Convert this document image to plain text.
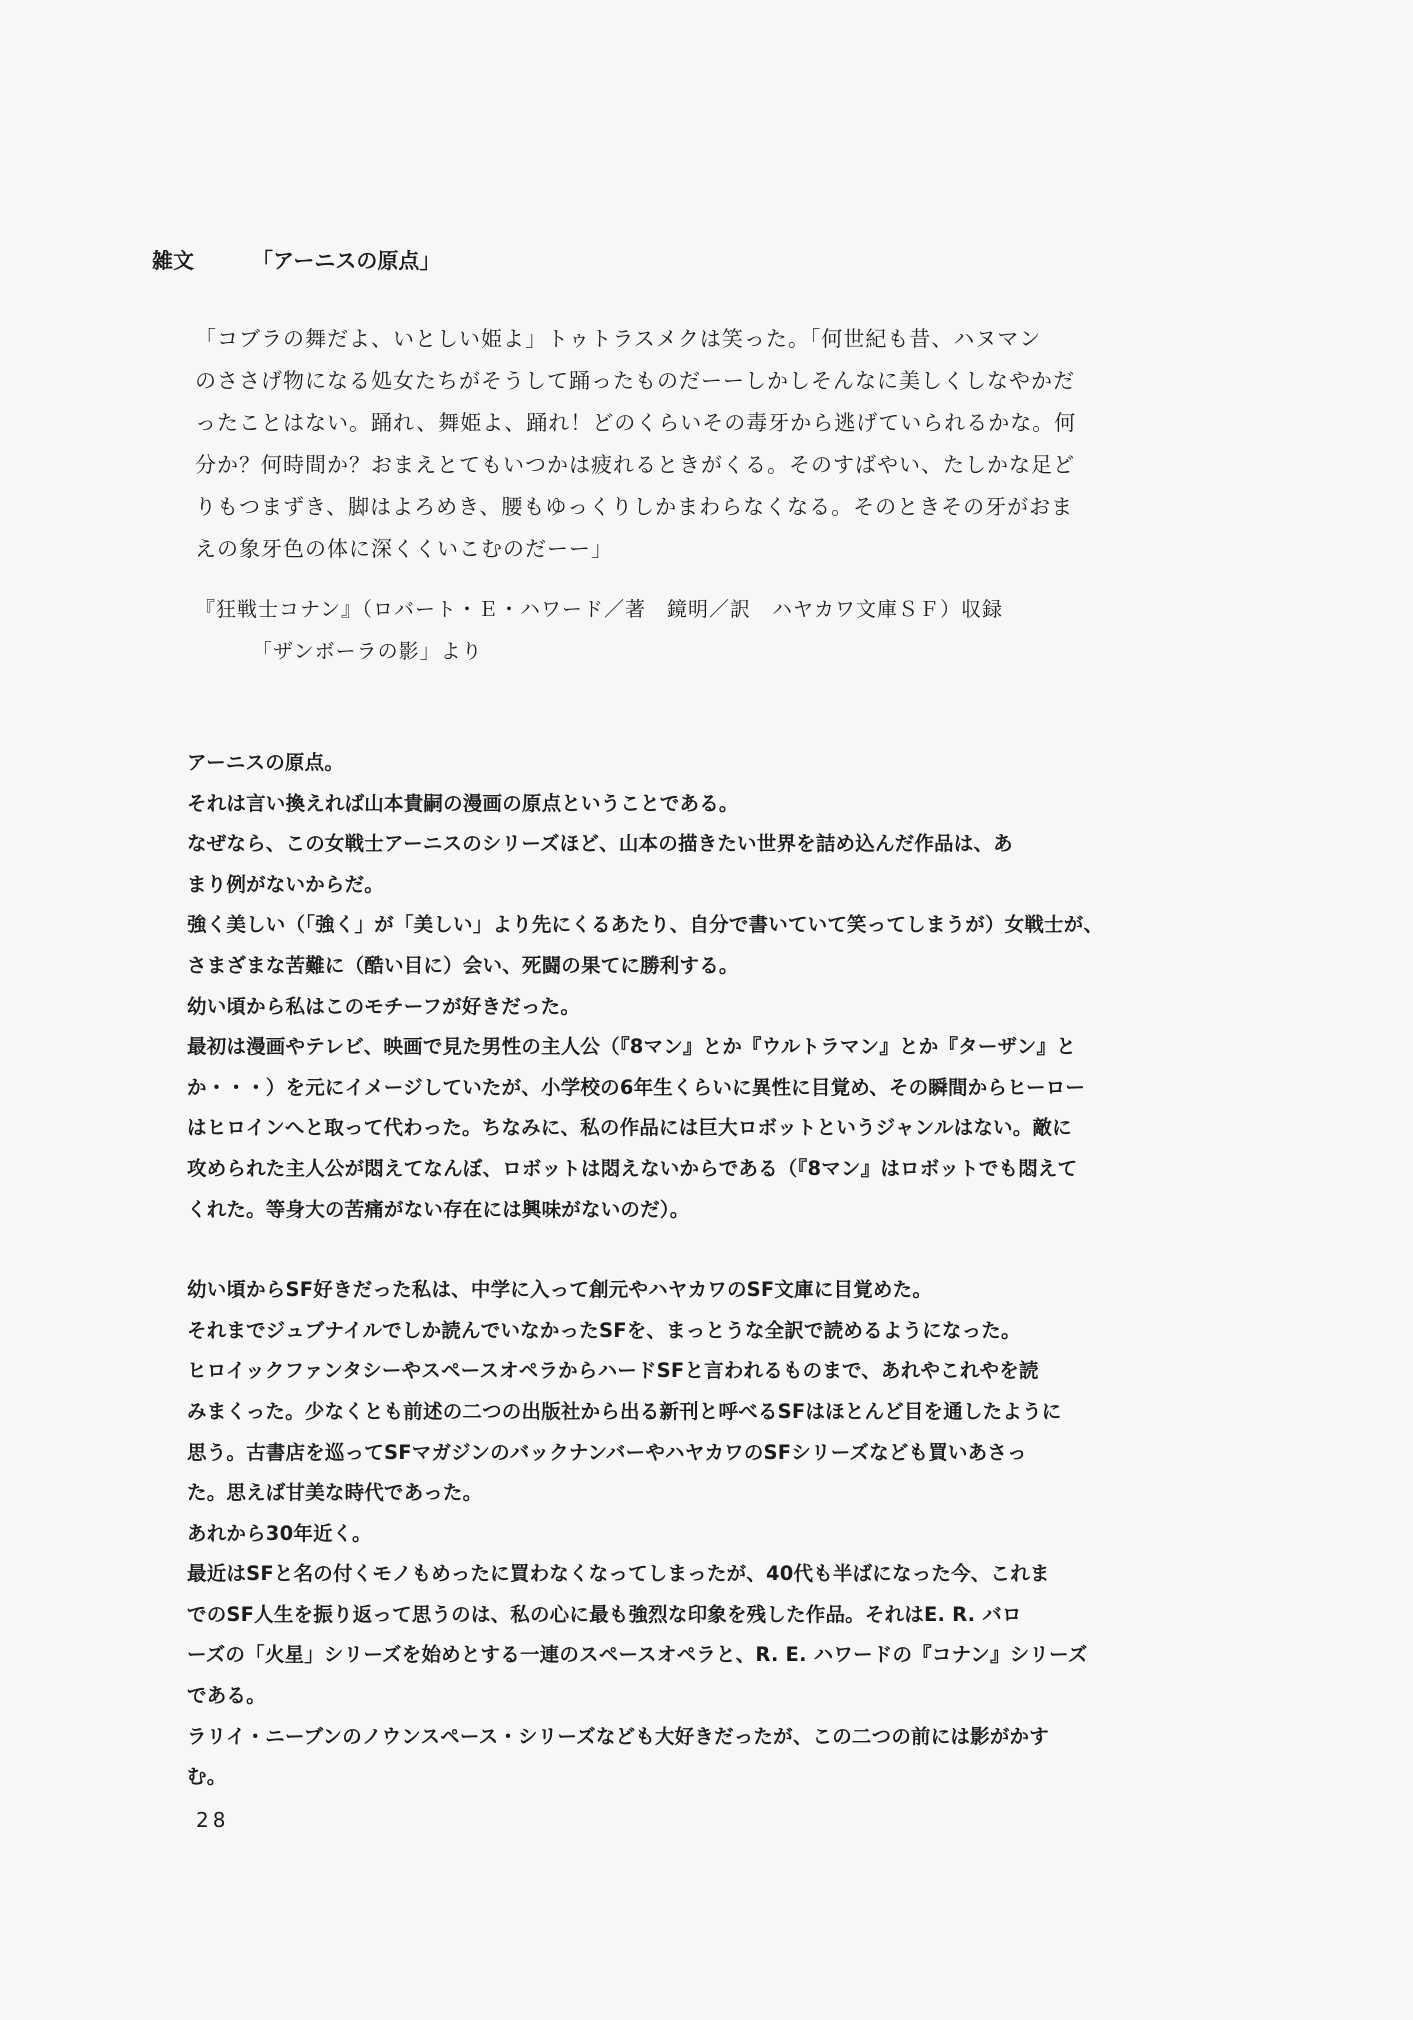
雑文	「アーニスの原点」

「コブラの舞だよ、いとしい姫よ」トゥトラスメクは笑った。「何世紀も昔、ハヌマン

のささげ物になる処女たちがそうして踊ったものだーーしかしそんなに美しくしなやかだ

ったことはない。踊れ、舞姫よ、踊れ！どのくらいその毒牙から逃げていられるかな。何

分か？何時間か？おまえとてもいつかは疲れるときがくる。そのすばやい、たしかな足ど

りもつまずき、脚はよろめき、腰もゆっくりしかまわらなくなる。そのときその牙がおま

えの象牙色の体に深くくいこむのだーー」

『狂戦士コナン』（ロバート・Ｅ・ハワード／著　鏡明／訳　ハヤカワ文庫ＳＦ）収録

「ザンボーラの影」より

アーニスの原点。

それは言い換えれば山本貴嗣の漫画の原点ということである。

なぜなら、この女戦士アーニスのシリーズほど、山本の描きたい世界を詰め込んだ作品は、あ

まり例がないからだ。

強く美しい（「強く」が「美しい」より先にくるあたり、自分で書いていて笑ってしまうが）女戦士が、

さまざまな苦難に（酷い目に）会い、死闘の果てに勝利する。

幼い頃から私はこのモチーフが好きだった。

最初は漫画やテレビ、映画で見た男性の主人公（『8マン』とか『ウルトラマン』とか『ターザン』と

か・・・）を元にイメージしていたが、小学校の6年生くらいに異性に目覚め、その瞬間からヒーロー

はヒロインへと取って代わった。ちなみに、私の作品には巨大ロボットというジャンルはない。敵に

攻められた主人公が悶えてなんぼ、ロボットは悶えないからである（『8マン』はロボットでも悶えて

くれた。等身大の苦痛がない存在には興味がないのだ）。

幼い頃からSF好きだった私は、中学に入って創元やハヤカワのSF文庫に目覚めた。

それまでジュブナイルでしか読んでいなかったSFを、まっとうな全訳で読めるようになった。

ヒロイックファンタシーやスペースオペラからハードSFと言われるものまで、あれやこれやを読

みまくった。少なくとも前述の二つの出版社から出る新刊と呼べるSFはほとんど目を通したように

思う。古書店を巡ってSFマガジンのバックナンバーやハヤカワのSFシリーズなども買いあさっ

た。思えば甘美な時代であった。

あれから30年近く。

最近はSFと名の付くモノもめったに買わなくなってしまったが、40代も半ばになった今、これま

でのSF人生を振り返って思うのは、私の心に最も強烈な印象を残した作品。それはE. R. バロ

ーズの「火星」シリーズを始めとする一連のスペースオペラと、R. E. ハワードの『コナン』シリーズ

である。

ラリイ・ニーブンのノウンスペース・シリーズなども大好きだったが、この二つの前には影がかす

む。

28
